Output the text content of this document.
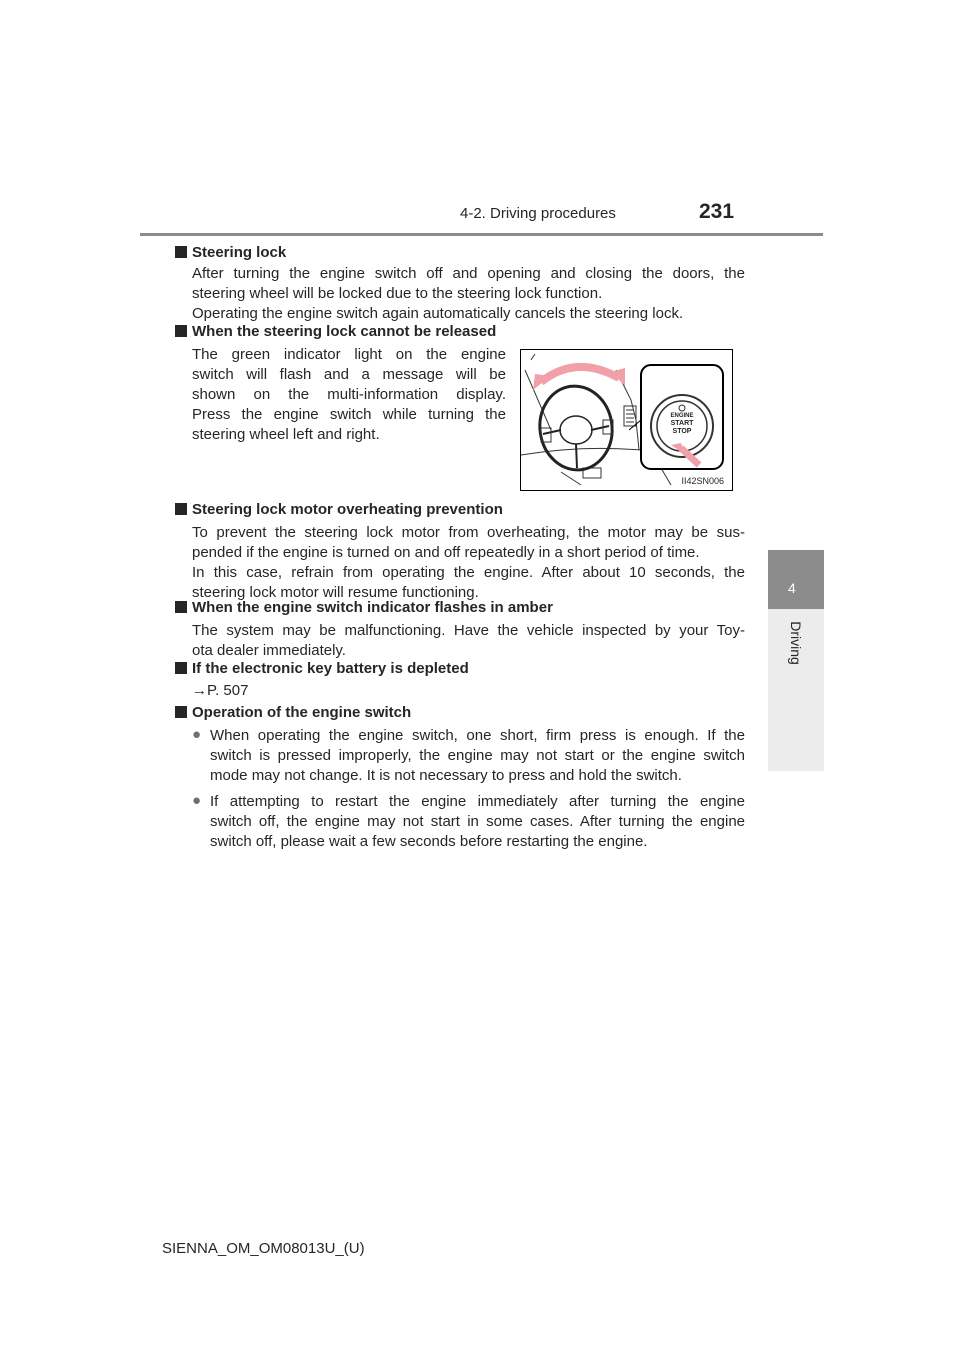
4-2. Driving procedures	231
4
Driving
Steering lock
After turning the engine switch off and opening and closing the doors, the
steering wheel will be locked due to the steering lock function.
Operating the engine switch again automatically cancels the steering lock.
When the steering lock cannot be released
The green indicator light on the engine
switch will flash and a message will be
shown on the multi-information display.
Press the engine switch while turning the
steering wheel left and right.
ENGINE
START
STOP
II42SN006
Steering lock motor overheating prevention
To prevent the steering lock motor from overheating, the motor may be sus-
pended if the engine is turned on and off repeatedly in a short period of time.
In this case, refrain from operating the engine. After about 10 seconds, the
steering lock motor will resume functioning.
When the engine switch indicator flashes in amber
The system may be malfunctioning. Have the vehicle inspected by your Toy-
ota dealer immediately.
If the electronic key battery is depleted
→P. 507
Operation of the engine switch
● When operating the engine switch, one short, firm press is enough. If the
switch is pressed improperly, the engine may not start or the engine switch
mode may not change. It is not necessary to press and hold the switch.
● If attempting to restart the engine immediately after turning the engine
switch off, the engine may not start in some cases. After turning the engine
switch off, please wait a few seconds before restarting the engine.
SIENNA_OM_OM08013U_(U)
